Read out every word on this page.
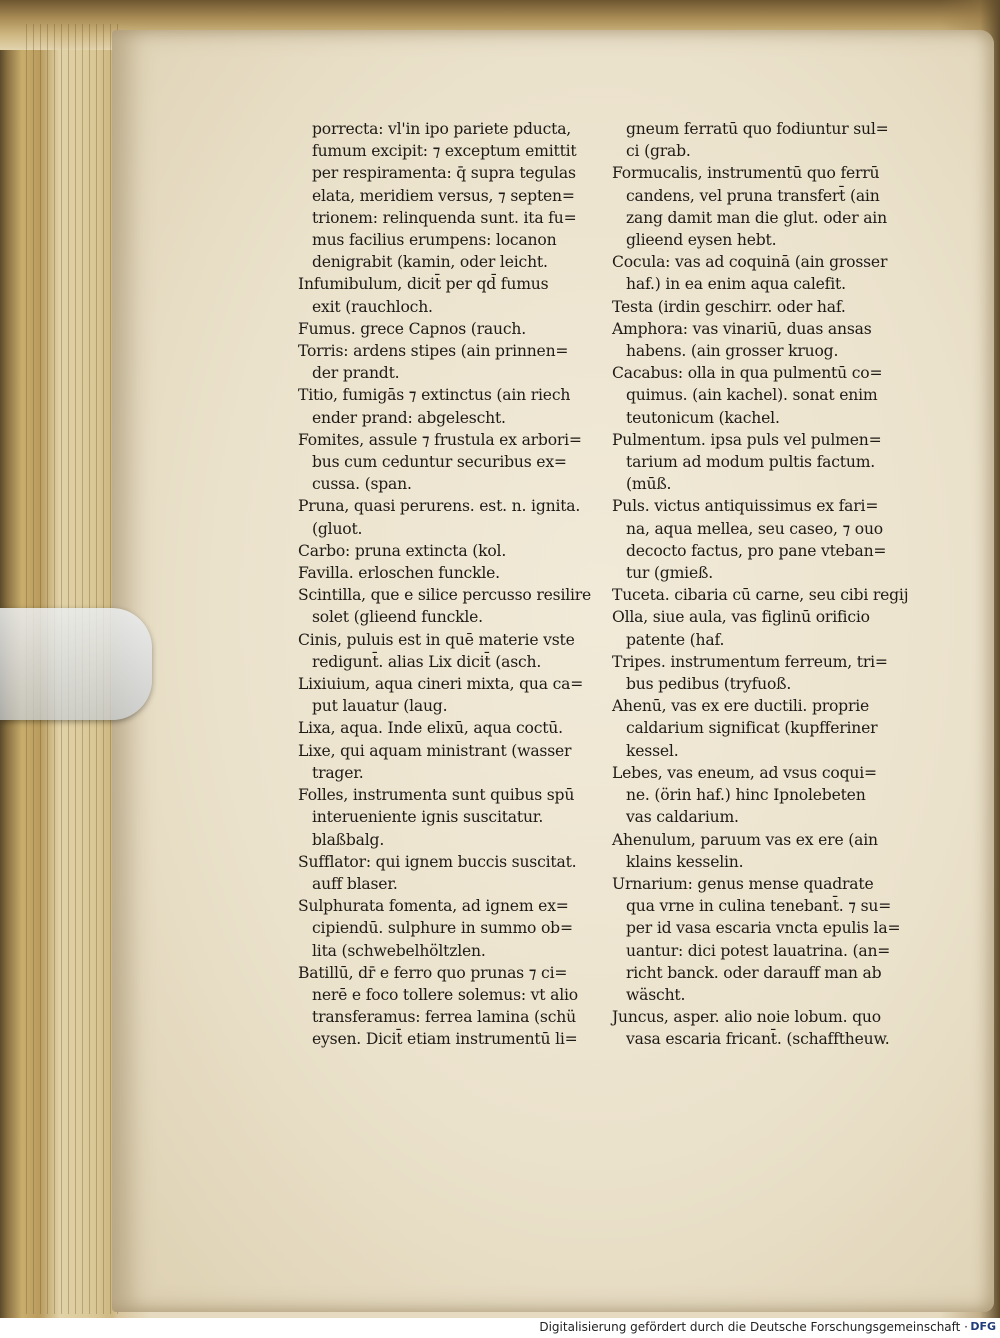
porrecta: vl'in ipo pariete pducta,
fumum excipit: ⁊ exceptum emittit
per respiramenta: q̄ supra tegulas
elata, meridiem versus, ⁊ septen=
trionem: relinquenda sunt. ita fu=
mus facilius erumpens: locanon
denigrabit (kamin, oder leicht.
Infumibulum, dicit̄ per qd̄ fumus
exit (rauchloch.
Fumus. grece Capnos (rauch.
Torris: ardens stipes (ain prinnen=
der prandt.
Titio, fumigās ⁊ extinctus (ain riech
ender prand: abgelescht.
Fomites, assule ⁊ frustula ex arbori=
bus cum ceduntur securibus ex=
cussa. (span.
Pruna, quasi perurens. est. n. ignita.
(gluot.
Carbo: pruna extincta (kol.
Favilla. erloschen funckle.
Scintilla, que e silice percusso resilire
solet (glieend funckle.
Cinis, puluis est in quē materie vste
redigunt̄. alias Lix dicit̄ (asch.
Lixiuium, aqua cineri mixta, qua ca=
put lauatur (laug.
Lixa, aqua. Inde elixū, aqua coctū.
Lixe, qui aquam ministrant (wasser
trager.
Folles, instrumenta sunt quibus spū
interueniente ignis suscitatur.
blaßbalg.
Sufflator: qui ignem buccis suscitat.
auff blaser.
Sulphurata fomenta, ad ignem ex=
cipiendū. sulphure in summo ob=
lita (schwebelhöltzlen.
Batillū, dr̄ e ferro quo prunas ⁊ ci=
nerē e foco tollere solemus: vt alio
transferamus: ferrea lamina (schü
eysen. Dicit̄ etiam instrumentū li=
gneum ferratū quo fodiuntur sul=
ci (grab.
Formucalis, instrumentū quo ferrū
candens, vel pruna transfert̄ (ain
zang damit man die glut. oder ain
glieend eysen hebt.
Cocula: vas ad coquinā (ain grosser
haf.) in ea enim aqua calefit.
Testa (irdin geschirr. oder haf.
Amphora: vas vinariū, duas ansas
habens. (ain grosser kruog.
Cacabus: olla in qua pulmentū co=
quimus. (ain kachel). sonat enim
teutonicum (kachel.
Pulmentum. ipsa puls vel pulmen=
tarium ad modum pultis factum.
(mūß.
Puls. victus antiquissimus ex fari=
na, aqua mellea, seu caseo, ⁊ ouo
decocto factus, pro pane vteban=
tur (gmieß.
Tuceta. cibaria cū carne, seu cibi regij
Olla, siue aula, vas figlinū orificio
patente (haf.
Tripes. instrumentum ferreum, tri=
bus pedibus (tryfuoß.
Ahenū, vas ex ere ductili. proprie
caldarium significat (kupfferiner
kessel.
Lebes, vas eneum, ad vsus coqui=
ne. (örin haf.) hinc Ipnolebeten
vas caldarium.
Ahenulum, paruum vas ex ere (ain
klains kesselin.
Urnarium: genus mense quadrate
qua vrne in culina tenebant̄. ⁊ su=
per id vasa escaria vncta epulis la=
uantur: dici potest lauatrina. (an=
richt banck. oder darauff man ab
wäscht.
Juncus, asper. alio noie lobum. quo
vasa escaria fricant̄. (schafftheuw.
Digitalisierung gefördert durch die Deutsche Forschungsgemeinschaft · DFG
